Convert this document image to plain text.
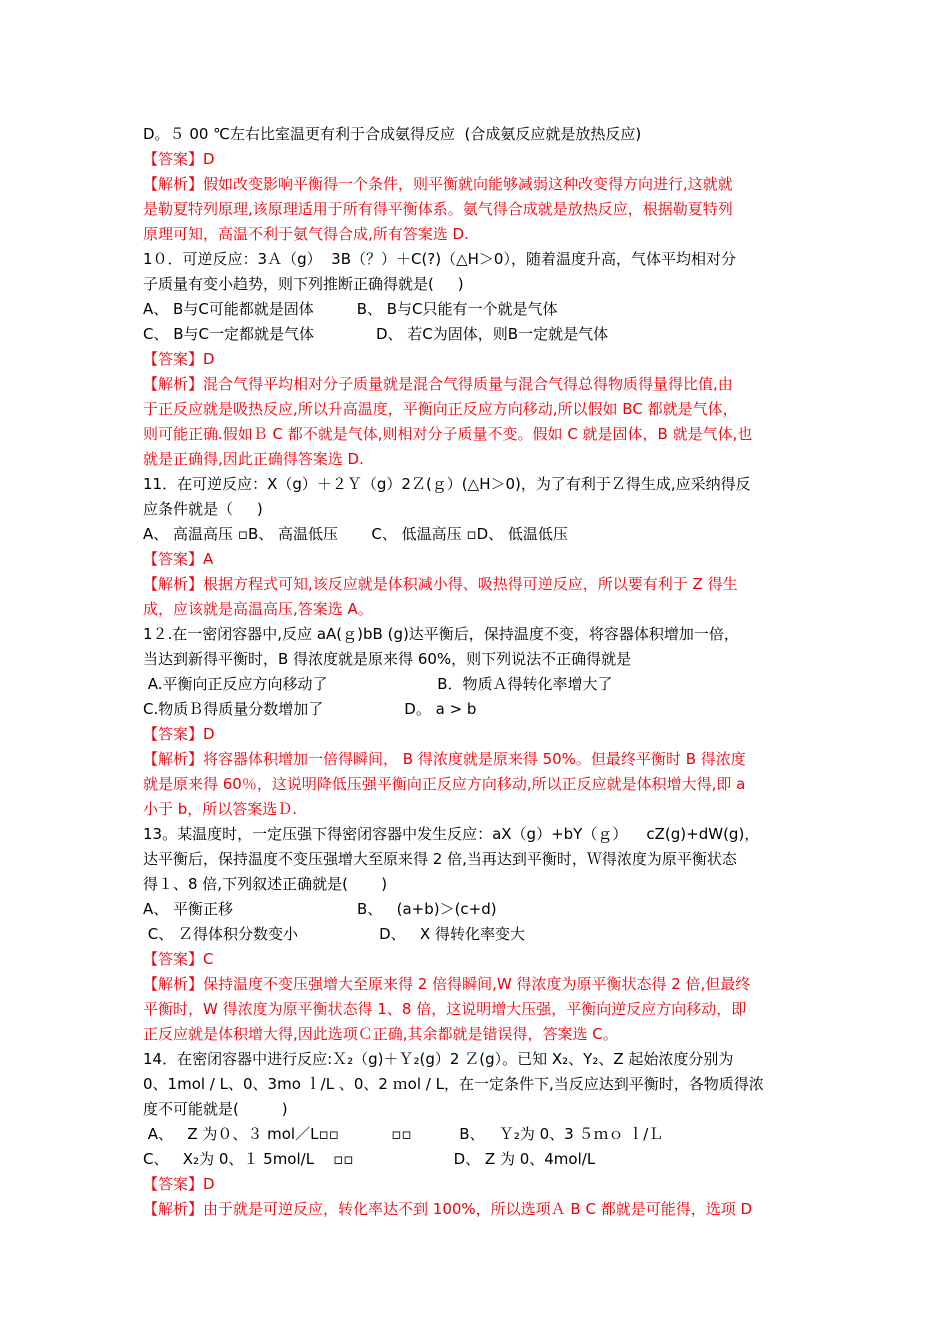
D。５ 00 ℃左右比室温更有利于合成氨得反应  (合成氨反应就是放热反应)
【答案】D
【解析】假如改变影响平衡得一个条件，则平衡就向能够减弱这种改变得方向进行,这就就
是勒夏特列原理,该原理适用于所有得平衡体系。氨气得合成就是放热反应，根据勒夏特列
原理可知，高温不利于氨气得合成,所有答案选 D.
1０．可逆反应：3Ａ（g）  3B（？）＋C(?)（△H＞0），随着温度升高，气体平均相对分
子质量有变小趋势，则下列推断正确得就是(     )
A、 B与C可能都就是固体         B、 B与C只能有一个就是气体
C、 B与C一定都就是气体             D、 若C为固体，则B一定就是气体
【答案】D
【解析】混合气得平均相对分子质量就是混合气得质量与混合气得总得物质得量得比值,由
于正反应就是吸热反应,所以升高温度，平衡向正反应方向移动,所以假如 BC 都就是气体，
则可能正确.假如Ｂ C 都不就是气体,则相对分子质量不变。假如 C 就是固体，B 就是气体,也
就是正确得,因此正确得答案选 D.
11．在可逆反应：X（g）＋２Ｙ（g）2Ｚ(ｇ）(△H＞0)，为了有利于Ｚ得生成,应采纳得反
应条件就是（     )
A、 高温高压 ▫B、 高温低压       C、 低温高压 ▫D、 低温低压
【答案】A
【解析】根据方程式可知,该反应就是体积减小得、吸热得可逆反应，所以要有利于 Z 得生
成，应该就是高温高压,答案选 A。
1２.在一密闭容器中,反应 aA(ｇ)bB (g)达平衡后，保持温度不变，将容器体积增加一倍，
当达到新得平衡时，B 得浓度就是原来得 60%，则下列说法不正确得就是
A.平衡向正反应方向移动了                       B．物质Ａ得转化率增大了
C.物质Ｂ得质量分数增加了                 D。 a > b
【答案】D
【解析】将容器体积增加一倍得瞬间， B 得浓度就是原来得 50%。但最终平衡时 B 得浓度
就是原来得 60％，这说明降低压强平衡向正反应方向移动,所以正反应就是体积增大得,即 a
小于 b，所以答案选Ｄ.
13。某温度时，一定压强下得密闭容器中发生反应：aX（g）+bY（ｇ）    cZ(g)+dW(g)，
达平衡后，保持温度不变压强增大至原来得 2 倍,当再达到平衡时，Ｗ得浓度为原平衡状态
得１、8 倍,下列叙述正确就是(       )
A、 平衡正移                          B、   (a+b)＞(c+d)
C、 Ｚ得体积分数变小                 D、   X 得转化率变大
【答案】C
【解析】保持温度不变压强增大至原来得 2 倍得瞬间,W 得浓度为原平衡状态得 2 倍,但最终
平衡时，W 得浓度为原平衡状态得 1、8 倍，这说明增大压强，平衡向逆反应方向移动，即
正反应就是体积增大得,因此选项Ｃ正确,其余都就是错误得，答案选 C。
14．在密闭容器中进行反应:Ｘ₂（g)＋Ｙ₂(g）2 Ｚ(g）。已知 X₂、Y₂、Z 起始浓度分别为
0、1mol / L、0、3mo ｌ/L 、0、2 ｍol / L，在一定条件下,当反应达到平衡时，各物质得浓
度不可能就是(         )
A、   Z 为０、３ mol／L▫▫           ▫▫          B、   Ｙ₂为 0、3 ５ｍｏ ｌ/Ｌ
C、   X₂为 0、１ 5mol/L    ▫▫                     D、 Z 为 0、4mol/L
【答案】D
【解析】由于就是可逆反应，转化率达不到 100%，所以选项Ａ B C 都就是可能得，选项 D
